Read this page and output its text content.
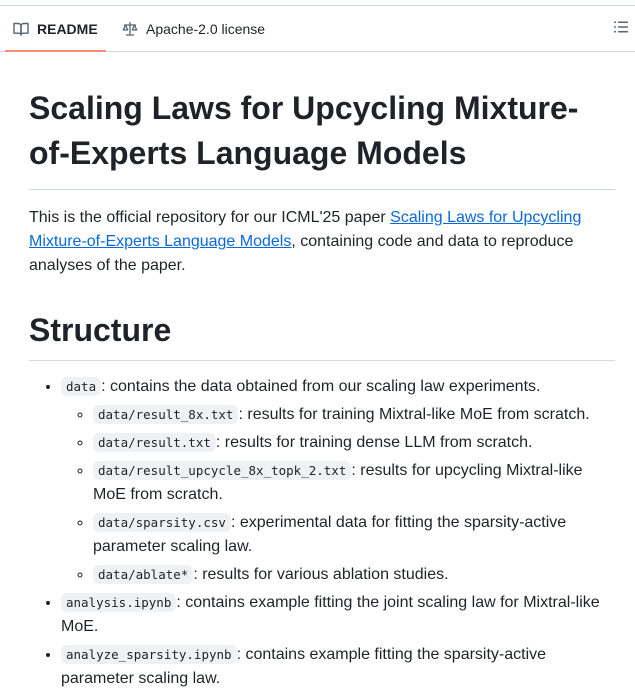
README	Apache-2.0 license
Scaling Laws for Upcycling Mixture-of-Experts Language Models

This is the official repository for our ICML'25 paper Scaling Laws for Upcycling Mixture-of-Experts Language Models, containing code and data to reproduce analyses of the paper.

Structure
• data : contains the data obtained from our scaling law experiments.
◦ data/result_8x.txt : results for training Mixtral-like MoE from scratch.
◦ data/result.txt : results for training dense LLM from scratch.
◦ data/result_upcycle_8x_topk_2.txt : results for upcycling Mixtral-like MoE from scratch.
◦ data/sparsity.csv : experimental data for fitting the sparsity-active parameter scaling law.
◦ data/ablate* : results for various ablation studies.
• analysis.ipynb : contains example fitting the joint scaling law for Mixtral-like MoE.
• analyze_sparsity.ipynb : contains example fitting the sparsity-active parameter scaling law.
